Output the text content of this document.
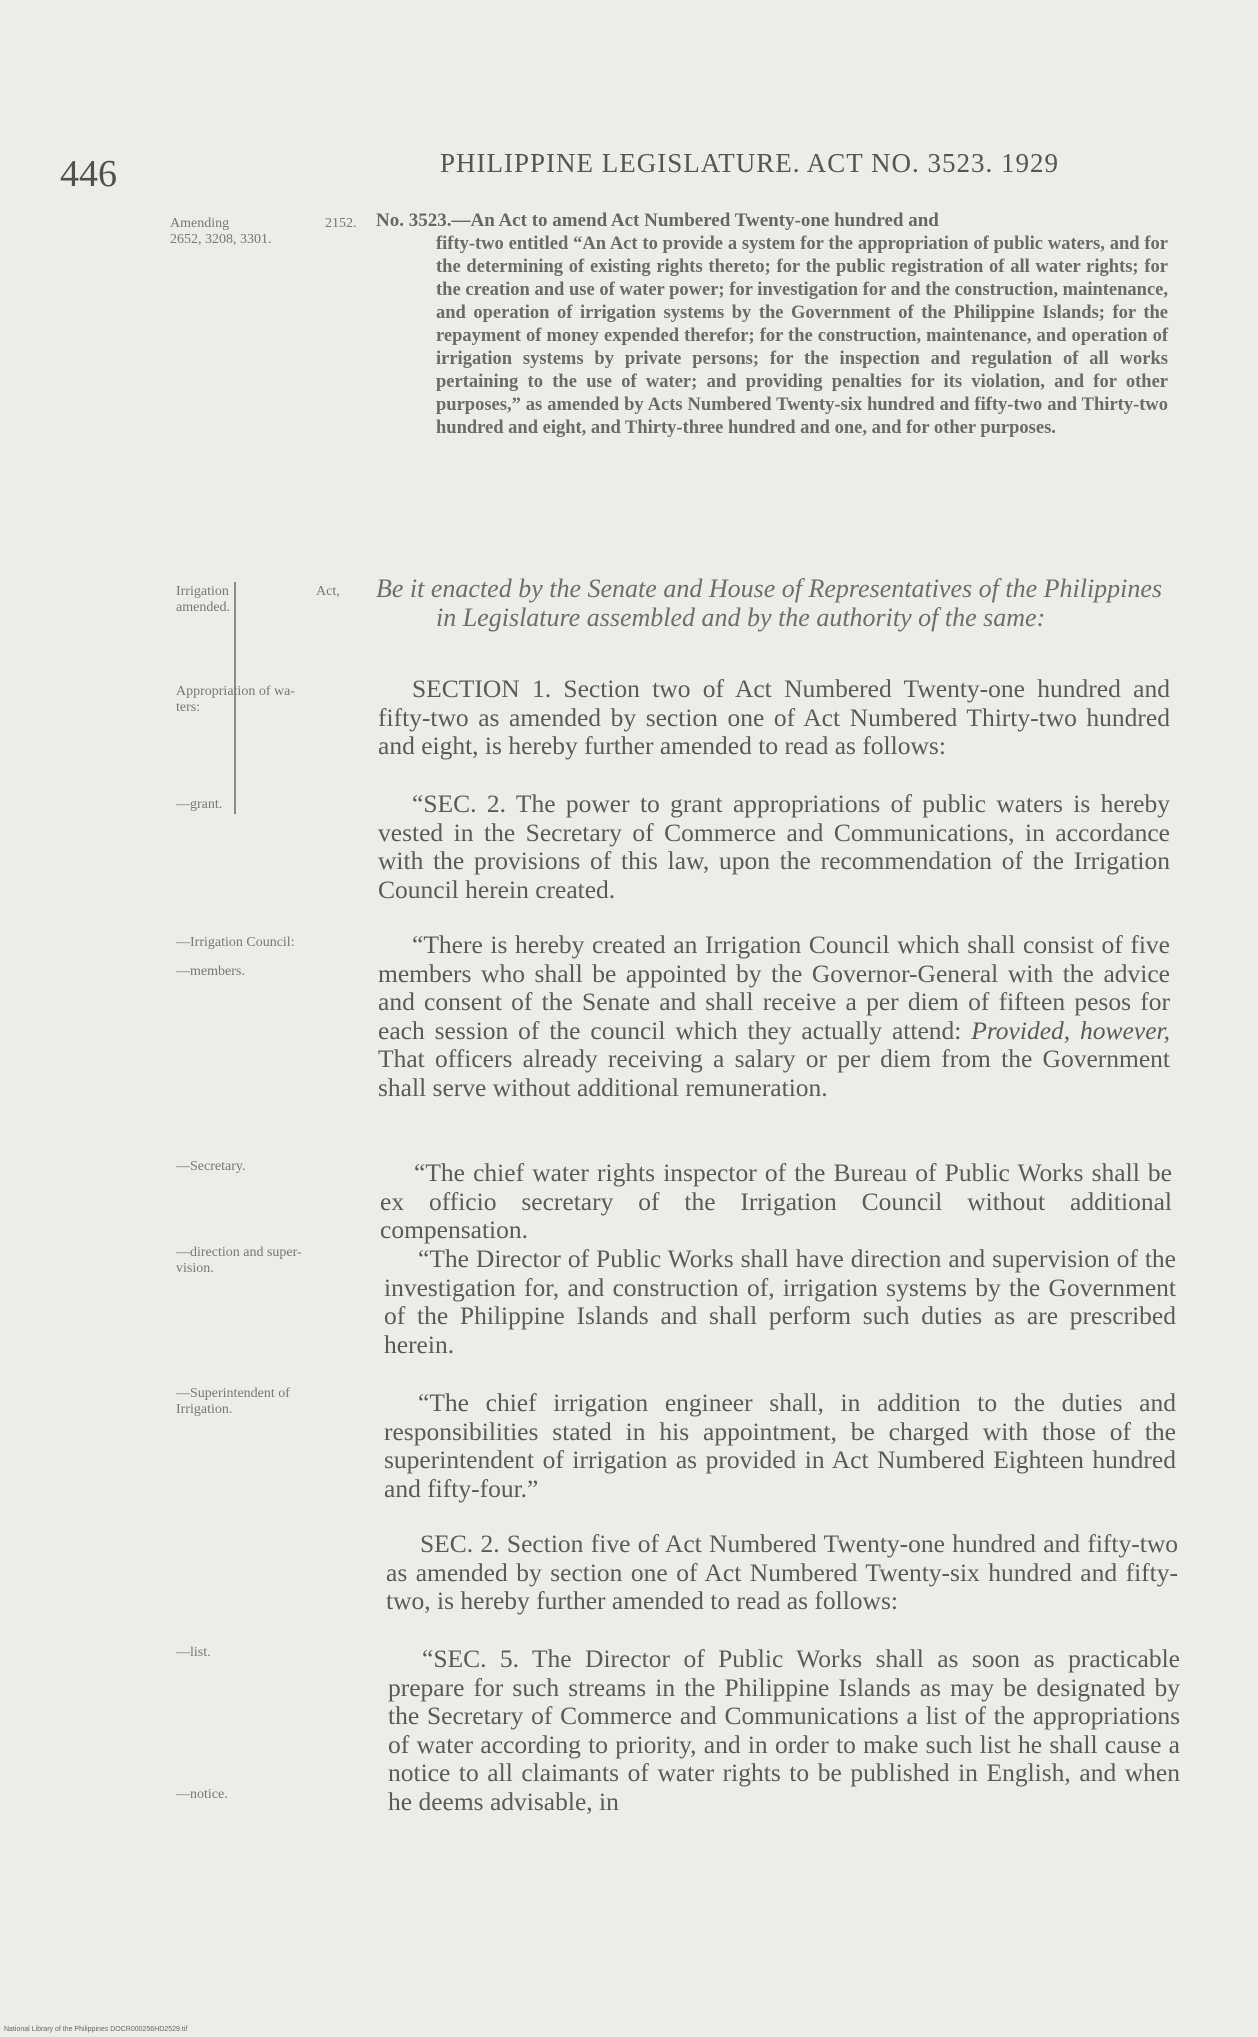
446	PHILIPPINE LEGISLATURE. ACT NO. 3523. 1929
Amending
2652, 3208, 3301.
2152.
Irrigation
amended.
Act,
Appropriation of wa-
ters:
—grant.
—Irrigation Council:
—members.
—Secretary.
—direction and super-
vision.
—Superintendent of
Irrigation.
—list.
—notice.
No. 3523.—An Act to amend Act Numbered Twenty-one hundred and
fifty-two entitled “An Act to provide a system for the appropriation of public waters, and for the determining of existing rights thereto; for the public registration of all water rights; for the creation and use of water power; for investigation for and the construction, maintenance, and operation of irrigation systems by the Government of the Philippine Islands; for the repayment of money expended therefor; for the construction, maintenance, and operation of irrigation systems by private persons; for the inspection and regulation of all works pertaining to the use of water; and providing penalties for its violation, and for other purposes,” as amended by Acts Numbered Twenty-six hundred and fifty-two and Thirty-two hundred and eight, and Thirty-three hundred and one, and for other purposes.
Be it enacted by the Senate and House of Representatives of the Philippines in Legislature assembled and by the authority of the same:
SECTION 1. Section two of Act Numbered Twenty-one hundred and fifty-two as amended by section one of Act Numbered Thirty-two hundred and eight, is hereby further amended to read as follows:
“SEC. 2. The power to grant appropriations of public waters is hereby vested in the Secretary of Commerce and Communications, in accordance with the provisions of this law, upon the recommendation of the Irrigation Council herein created.
“There is hereby created an Irrigation Council which shall consist of five members who shall be appointed by the Governor-General with the advice and consent of the Senate and shall receive a per diem of fifteen pesos for each session of the council which they actually attend: Provided, however, That officers already receiving a salary or per diem from the Government shall serve without additional remuneration.
“The chief water rights inspector of the Bureau of Public Works shall be ex officio secretary of the Irrigation Council without additional compensation.
“The Director of Public Works shall have direction and supervision of the investigation for, and construction of, irrigation systems by the Government of the Philippine Islands and shall perform such duties as are prescribed herein.
“The chief irrigation engineer shall, in addition to the duties and responsibilities stated in his appointment, be charged with those of the superintendent of irrigation as provided in Act Numbered Eighteen hundred and fifty-four.”
SEC. 2. Section five of Act Numbered Twenty-one hundred and fifty-two as amended by section one of Act Numbered Twenty-six hundred and fifty-two, is hereby further amended to read as follows:
“SEC. 5. The Director of Public Works shall as soon as practicable prepare for such streams in the Philippine Islands as may be designated by the Secretary of Commerce and Communications a list of the appropriations of water according to priority, and in order to make such list he shall cause a notice to all claimants of water rights to be published in English, and when he deems advisable, in
National Library of the Philippines DOCR000256HD2529.tif
